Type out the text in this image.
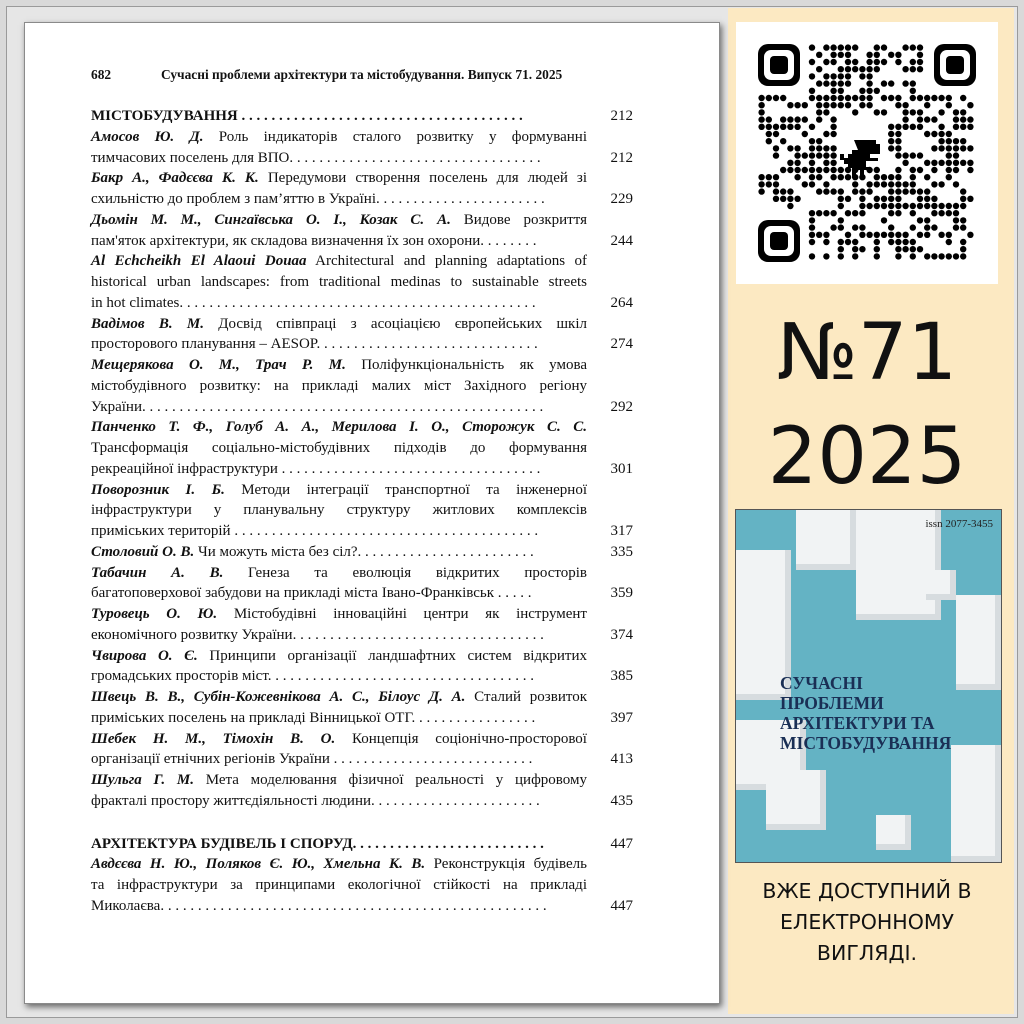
682	Сучасні проблеми архітектури та містобудування. Випуск 71. 2025
МІСТОБУДУВАННЯ . . . . . . . . . . . . . . . . . . . . . . . . . . . . . . . . . . . . . .	212
Амосов Ю. Д. Роль індикаторів сталого розвитку у формуванні
тимчасових поселень для ВПО. . . . . . . . . . . . . . . . . . . . . . . . . . . . . . . . . .	212
Бакр А., Фадєєва К. К. Передумови створення поселень для людей зі
схильністю до проблем з пам’яттю в Україні. . . . . . . . . . . . . . . . . . . . . . .	229
Дьомін М. М., Сингаївська О. І., Козак С. А. Видове розкриття
пам'яток архітектури, як складова визначення їх зон охорони. . . . . . . .	244
Al Echcheikh El Alaoui Douaa Architectural and planning adaptations of
historical urban landscapes: from traditional medinas to sustainable streets
in hot climates. . . . . . . . . . . . . . . . . . . . . . . . . . . . . . . . . . . . . . . . . . . . . . . .	264
Вадімов В. М. Досвід співпраці з асоціацією європейських шкіл
просторового планування – AESOP. . . . . . . . . . . . . . . . . . . . . . . . . . . . . .	274
Мещерякова О. М., Трач Р. М. Поліфункціональність як умова
містобудівного розвитку: на прикладі малих міст Західного регіону
України. . . . . . . . . . . . . . . . . . . . . . . . . . . . . . . . . . . . . . . . . . . . . . . . . . . . . .	292
Панченко Т. Ф., Голуб А. А., Мерилова І. О., Сторожук С. С.
Трансформація соціально-містобудівних підходів до формування
рекреаційної інфраструктури . . . . . . . . . . . . . . . . . . . . . . . . . . . . . . . . . . .	301
Поворозник І. Б. Методи інтеграції транспортної та інженерної
інфраструктури у планувальну структуру житлових комплексів
приміських територій . . . . . . . . . . . . . . . . . . . . . . . . . . . . . . . . . . . . . . . . .	317
Столовий О. В. Чи можуть міста без сіл?. . . . . . . . . . . . . . . . . . . . . . . .	335
Табачин А. В. Генеза та еволюція відкритих просторів
багатоповерхової забудови на прикладі міста Івано-Франківськ . . . . .	359
Туровець О. Ю. Містобудівні інноваційні центри як інструмент
економічного розвитку України. . . . . . . . . . . . . . . . . . . . . . . . . . . . . . . . . .	374
Чвирова О. Є. Принципи організації ландшафтних систем відкритих
громадських просторів міст. . . . . . . . . . . . . . . . . . . . . . . . . . . . . . . . . . . .	385
Швець В. В., Субін-Кожевнікова А. С., Білоус Д. А. Сталий розвиток
приміських поселень на прикладі Вінницької ОТГ. . . . . . . . . . . . . . . . .	397
Шебек Н. М., Тімохін В. О. Концепція соціонічно-просторової
організації етнічних регіонів України . . . . . . . . . . . . . . . . . . . . . . . . . . .	413
Шульга Г. М. Мета моделювання фізичної реальності у цифровому
фракталі простору життєдіяльності людини. . . . . . . . . . . . . . . . . . . . . . .	435
АРХІТЕКТУРА БУДІВЕЛЬ І СПОРУД. . . . . . . . . . . . . . . . . . . . . . . . . .	447
Авдєєва Н. Ю., Поляков Є. Ю., Хмельна К. В. Реконструкція будівель
та інфраструктури за принципами екологічної стійкості на прикладі
Миколаєва. . . . . . . . . . . . . . . . . . . . . . . . . . . . . . . . . . . . . . . . . . . . . . . . . . . .	447
№71
2025
issn 2077-3455
СУЧАСНІ ПРОБЛЕМИ АРХІТЕКТУРИ ТА МІСТОБУДУВАННЯ
ВЖЕ ДОСТУПНИЙ В ЕЛЕКТРОННОМУ ВИГЛЯДІ.
